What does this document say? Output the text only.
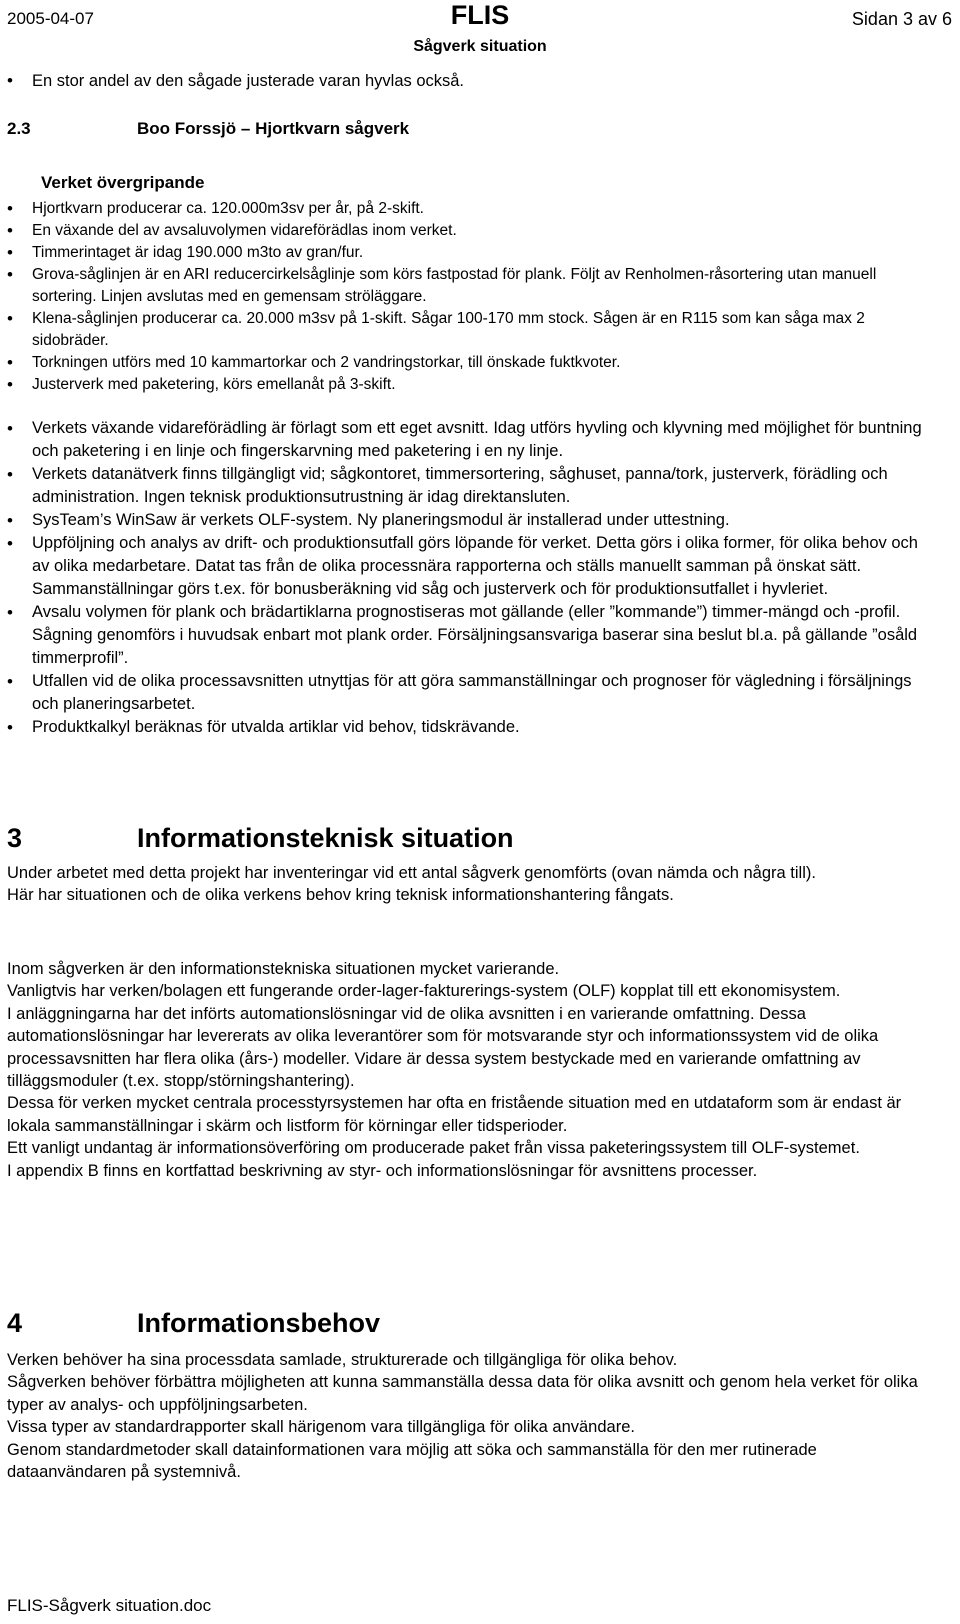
FLIS
2005-04-07
Sågverk situation
Sidan 3 av 6
• En stor andel av den sågade justerade varan hyvlas också.
2.3	Boo Forssjö – Hjortkvarn sågverk
Verket övergripande
• Hjortkvarn producerar ca. 120.000m3sv per år, på 2-skift.
• En växande del av avsaluvolymen vidareförädlas inom verket.
• Timmerintaget är idag 190.000 m3to av gran/fur.
• Grova-såglinjen är en ARI reducercirkelsåglinje som körs fastpostad för plank. Följt av Renholmen-råsortering utan manuell sortering. Linjen avslutas med en gemensam ströläggare.
• Klena-såglinjen producerar ca. 20.000 m3sv på 1-skift. Sågar 100-170 mm stock. Sågen är en R115 som kan såga max 2 sidobräder.
• Torkningen utförs med 10 kammartorkar och 2 vandringstorkar, till önskade fuktkvoter.
• Justerverk med paketering, körs emellanåt på 3-skift.
• Verkets växande vidareförädling är förlagt som ett eget avsnitt. Idag utförs hyvling och klyvning med möjlighet för buntning och paketering i en linje och fingerskarvning med paketering i en ny linje.
• Verkets datanätverk finns tillgängligt vid; sågkontoret, timmersortering, såghuset, panna/tork, justerverk, förädling och administration. Ingen teknisk produktionsutrustning är idag direktansluten.
• SysTeam’s WinSaw är verkets OLF-system. Ny planeringsmodul är installerad under uttestning.
• Uppföljning och analys av drift- och produktionsutfall görs löpande för verket. Detta görs i olika former, för olika behov och av olika medarbetare. Datat tas från de olika processnära rapporterna och ställs manuellt samman på önskat sätt. Sammanställningar görs t.ex. för bonusberäkning vid såg och justerverk och för produktionsutfallet i hyvleriet.
• Avsalu volymen för plank och brädartiklarna prognostiseras mot gällande (eller ”kommande”) timmer-mängd och -profil. Sågning genomförs i huvudsak enbart mot plank order. Försäljningsansvariga baserar sina beslut bl.a. på gällande ”osåld timmerprofil”.
• Utfallen vid de olika processavsnitten utnyttjas för att göra sammanställningar och prognoser för vägledning i försäljnings och planeringsarbetet.
• Produktkalkyl beräknas för utvalda artiklar vid behov, tidskrävande.
3	Informationsteknisk situation
Under arbetet med detta projekt har inventeringar vid ett antal sågverk genomförts (ovan nämda och några till).
Här har situationen och de olika verkens behov kring teknisk informationshantering fångats.
Inom sågverken är den informationstekniska situationen mycket varierande.
Vanligtvis har verken/bolagen ett fungerande order-lager-fakturerings-system (OLF) kopplat till ett ekonomisystem.
I anläggningarna har det införts automationslösningar vid de olika avsnitten i en varierande omfattning. Dessa automationslösningar har levererats av olika leverantörer som för motsvarande styr och informationssystem vid de olika processavsnitten har flera olika (års-) modeller. Vidare är dessa system bestyckade med en varierande omfattning av tilläggsmoduler (t.ex. stopp/störningshantering).
Dessa för verken mycket centrala processtyrsystemen har ofta en fristående situation med en utdataform som är endast är lokala sammanställningar i skärm och listform för körningar eller tidsperioder.
Ett vanligt undantag är informationsöverföring om producerade paket från vissa paketeringssystem till OLF-systemet.
I appendix B finns en kortfattad beskrivning av styr- och informationslösningar för avsnittens processer.
4	Informationsbehov
Verken behöver ha sina processdata samlade, strukturerade och tillgängliga för olika behov.
Sågverken behöver förbättra möjligheten att kunna sammanställa dessa data för olika avsnitt och genom hela verket för olika typer av analys- och uppföljningsarbeten.
Vissa typer av standardrapporter skall härigenom vara tillgängliga för olika användare.
Genom standardmetoder skall datainformationen vara möjlig att söka och sammanställa för den mer rutinerade dataanvändaren på systemnivå.
FLIS-Sågverk situation.doc
